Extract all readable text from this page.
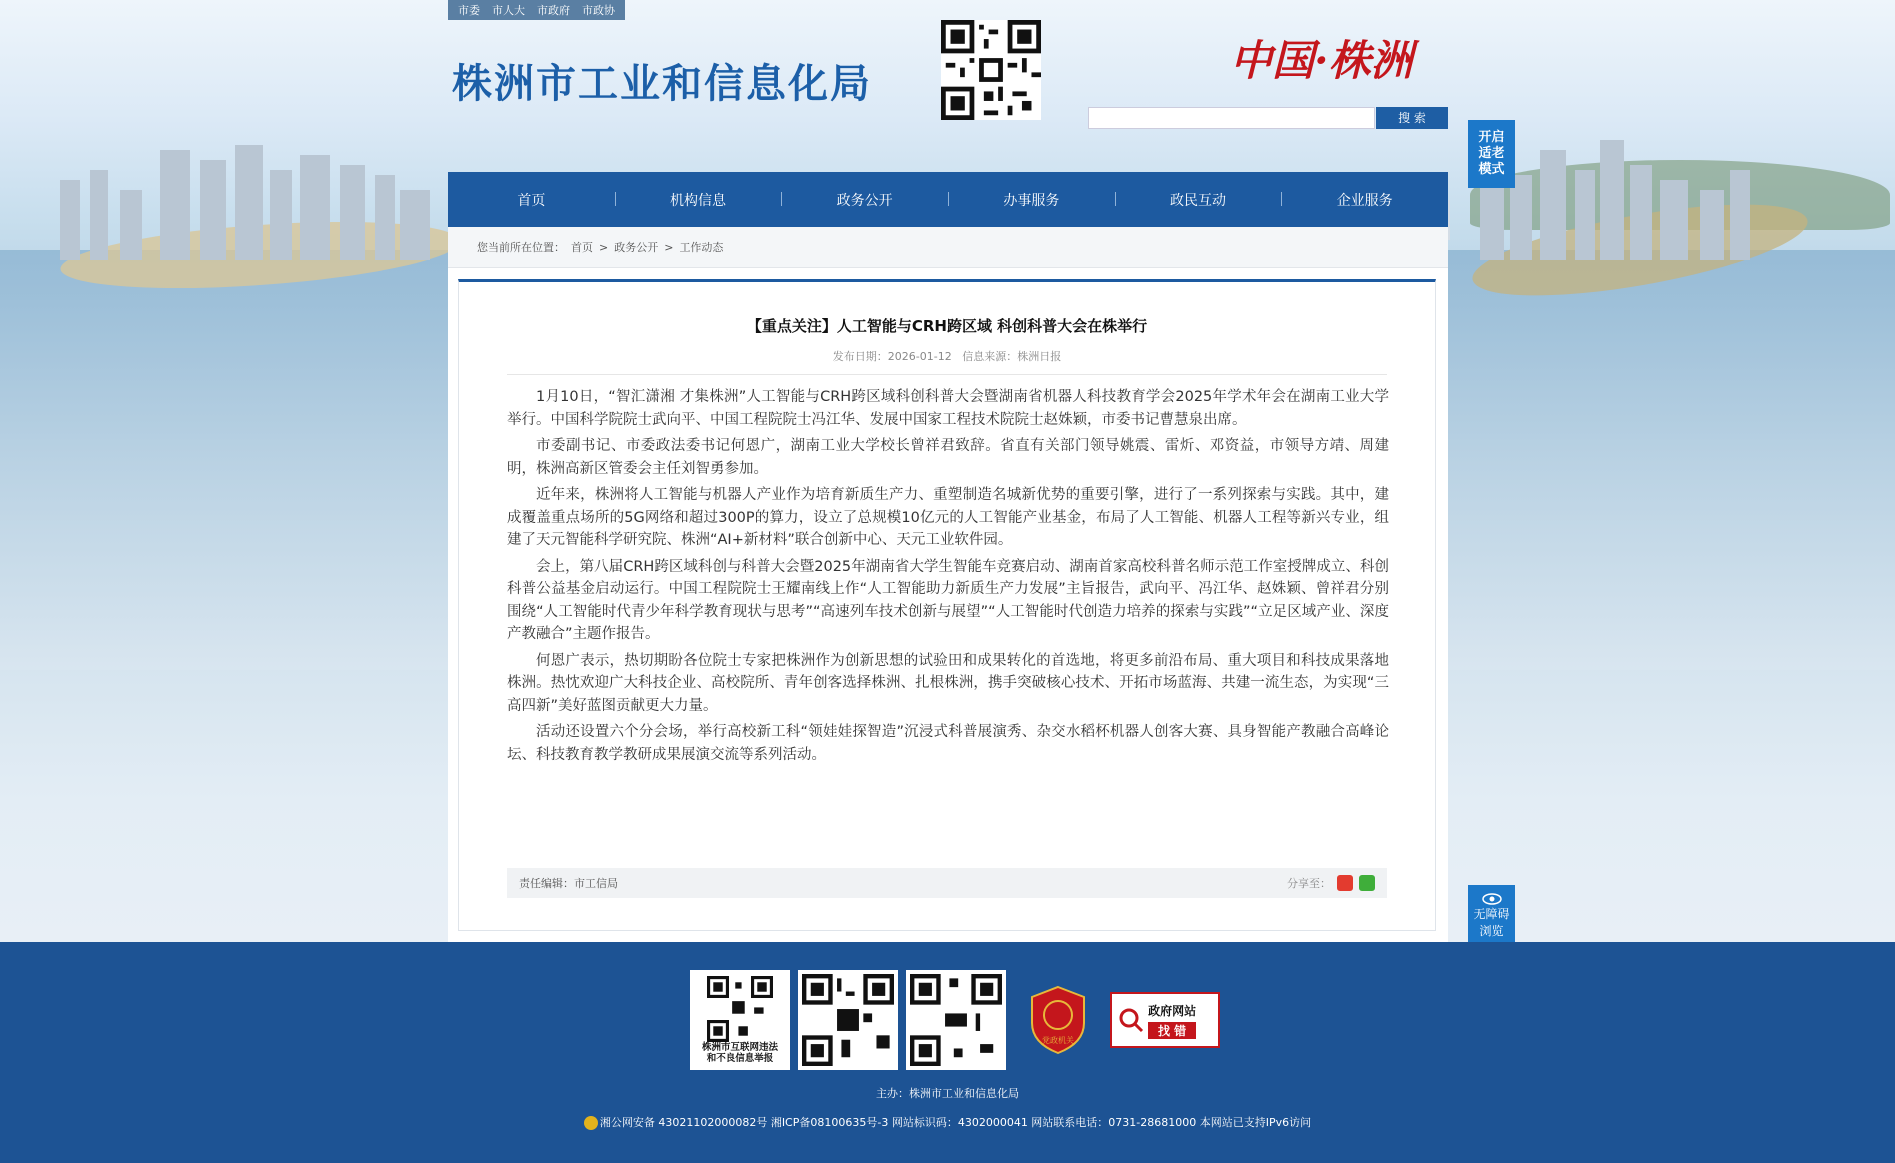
市委	市人大	市政府	市政协
株洲市工业和信息化局	中国·株洲
搜 索
开启
适老
模式
首页	机构信息	政务公开	办事服务	政民互动	企业服务
您当前所在位置： 首页 > 政务公开 > 工作动态
【重点关注】人工智能与CRH跨区域 科创科普大会在株举行
发布日期：2026-01-12 信息来源：株洲日报

1月10日，“智汇潇湘 才集株洲”人工智能与CRH跨区域科创科普大会暨湖南省机器人科技教育学会2025年学术年会在湖南工业大学举行。中国科学院院士武向平、中国工程院院士冯江华、发展中国家工程技术院院士赵姝颖，市委书记曹慧泉出席。

市委副书记、市委政法委书记何恩广，湖南工业大学校长曾祥君致辞。省直有关部门领导姚震、雷炘、邓资益，市领导方靖、周建明，株洲高新区管委会主任刘智勇参加。

近年来，株洲将人工智能与机器人产业作为培育新质生产力、重塑制造名城新优势的重要引擎，进行了一系列探索与实践。其中，建成覆盖重点场所的5G网络和超过300P的算力，设立了总规模10亿元的人工智能产业基金，布局了人工智能、机器人工程等新兴专业，组建了天元智能科学研究院、株洲“AI+新材料”联合创新中心、天元工业软件园。

会上，第八届CRH跨区域科创与科普大会暨2025年湖南省大学生智能车竞赛启动、湖南首家高校科普名师示范工作室授牌成立、科创科普公益基金启动运行。中国工程院院士王耀南线上作“人工智能助力新质生产力发展”主旨报告，武向平、冯江华、赵姝颖、曾祥君分别围绕“人工智能时代青少年科学教育现状与思考”“高速列车技术创新与展望”“人工智能时代创造力培养的探索与实践”“立足区域产业、深度产教融合”主题作报告。

何恩广表示，热切期盼各位院士专家把株洲作为创新思想的试验田和成果转化的首选地，将更多前沿布局、重大项目和科技成果落地株洲。热忱欢迎广大科技企业、高校院所、青年创客选择株洲、扎根株洲，携手突破核心技术、开拓市场蓝海、共建一流生态，为实现“三高四新”美好蓝图贡献更大力量。

活动还设置六个分会场，举行高校新工科“领娃娃探智造”沉浸式科普展演秀、杂交水稻杯机器人创客大赛、具身智能产教融合高峰论坛、科技教育教学教研成果展演交流等系列活动。

责任编辑：市工信局	分享至：
无障碍
浏览
株洲市互联网违法
和不良信息举报
党政机关
政府网站
找 错
主办：株洲市工业和信息化局
湘公网安备 43021102000082号 湘ICP备08100635号-3 网站标识码：4302000041 网站联系电话：0731-28681000 本网站已支持IPv6访问
